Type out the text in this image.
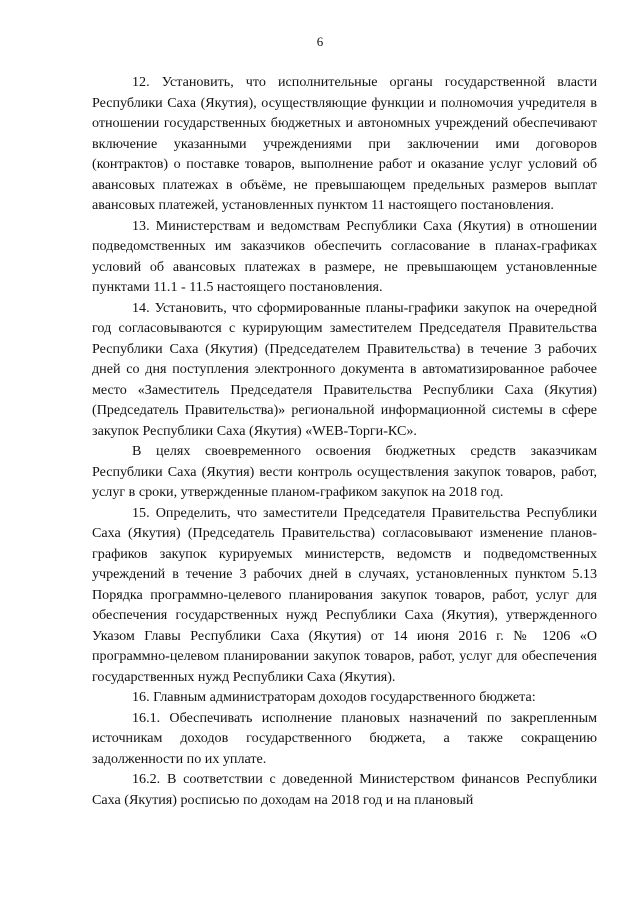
6

12. Установить, что исполнительные органы государственной власти Республики Саха (Якутия), осуществляющие функции и полномочия учредителя в отношении государственных бюджетных и автономных учреждений обеспечивают включение указанными учреждениями при заключении ими договоров (контрактов) о поставке товаров, выполнение работ и оказание услуг условий об авансовых платежах в объёме, не превышающем предельных размеров выплат авансовых платежей, установленных пунктом 11 настоящего постановления.

13. Министерствам и ведомствам Республики Саха (Якутия) в отношении подведомственных им заказчиков обеспечить согласование в планах-графиках условий об авансовых платежах в размере, не превышающем установленные пунктами 11.1 - 11.5 настоящего постановления.

14. Установить, что сформированные планы-графики закупок на очередной год согласовываются с курирующим заместителем Председателя Правительства Республики Саха (Якутия) (Председателем Правительства) в течение 3 рабочих дней со дня поступления электронного документа в автоматизированное рабочее место «Заместитель Председателя Правительства Республики Саха (Якутия) (Председатель Правительства)» региональной информационной системы в сфере закупок Республики Саха (Якутия) «WEB-Торги-КС».

В целях своевременного освоения бюджетных средств заказчикам Республики Саха (Якутия) вести контроль осуществления закупок товаров, работ, услуг в сроки, утвержденные планом-графиком закупок на 2018 год.

15. Определить, что заместители Председателя Правительства Республики Саха (Якутия) (Председатель Правительства) согласовывают изменение планов-графиков закупок курируемых министерств, ведомств и подведомственных учреждений в течение 3 рабочих дней в случаях, установленных пунктом 5.13 Порядка программно-целевого планирования закупок товаров, работ, услуг для обеспечения государственных нужд Республики Саха (Якутия), утвержденного Указом Главы Республики Саха (Якутия) от 14 июня 2016 г. № 1206 «О программно-целевом планировании закупок товаров, работ, услуг для обеспечения государственных нужд Республики Саха (Якутия).

16. Главным администраторам доходов государственного бюджета:

16.1. Обеспечивать исполнение плановых назначений по закрепленным источникам доходов государственного бюджета, а также сокращению задолженности по их уплате.

16.2. В соответствии с доведенной Министерством финансов Республики Саха (Якутия) росписью по доходам на 2018 год и на плановый
